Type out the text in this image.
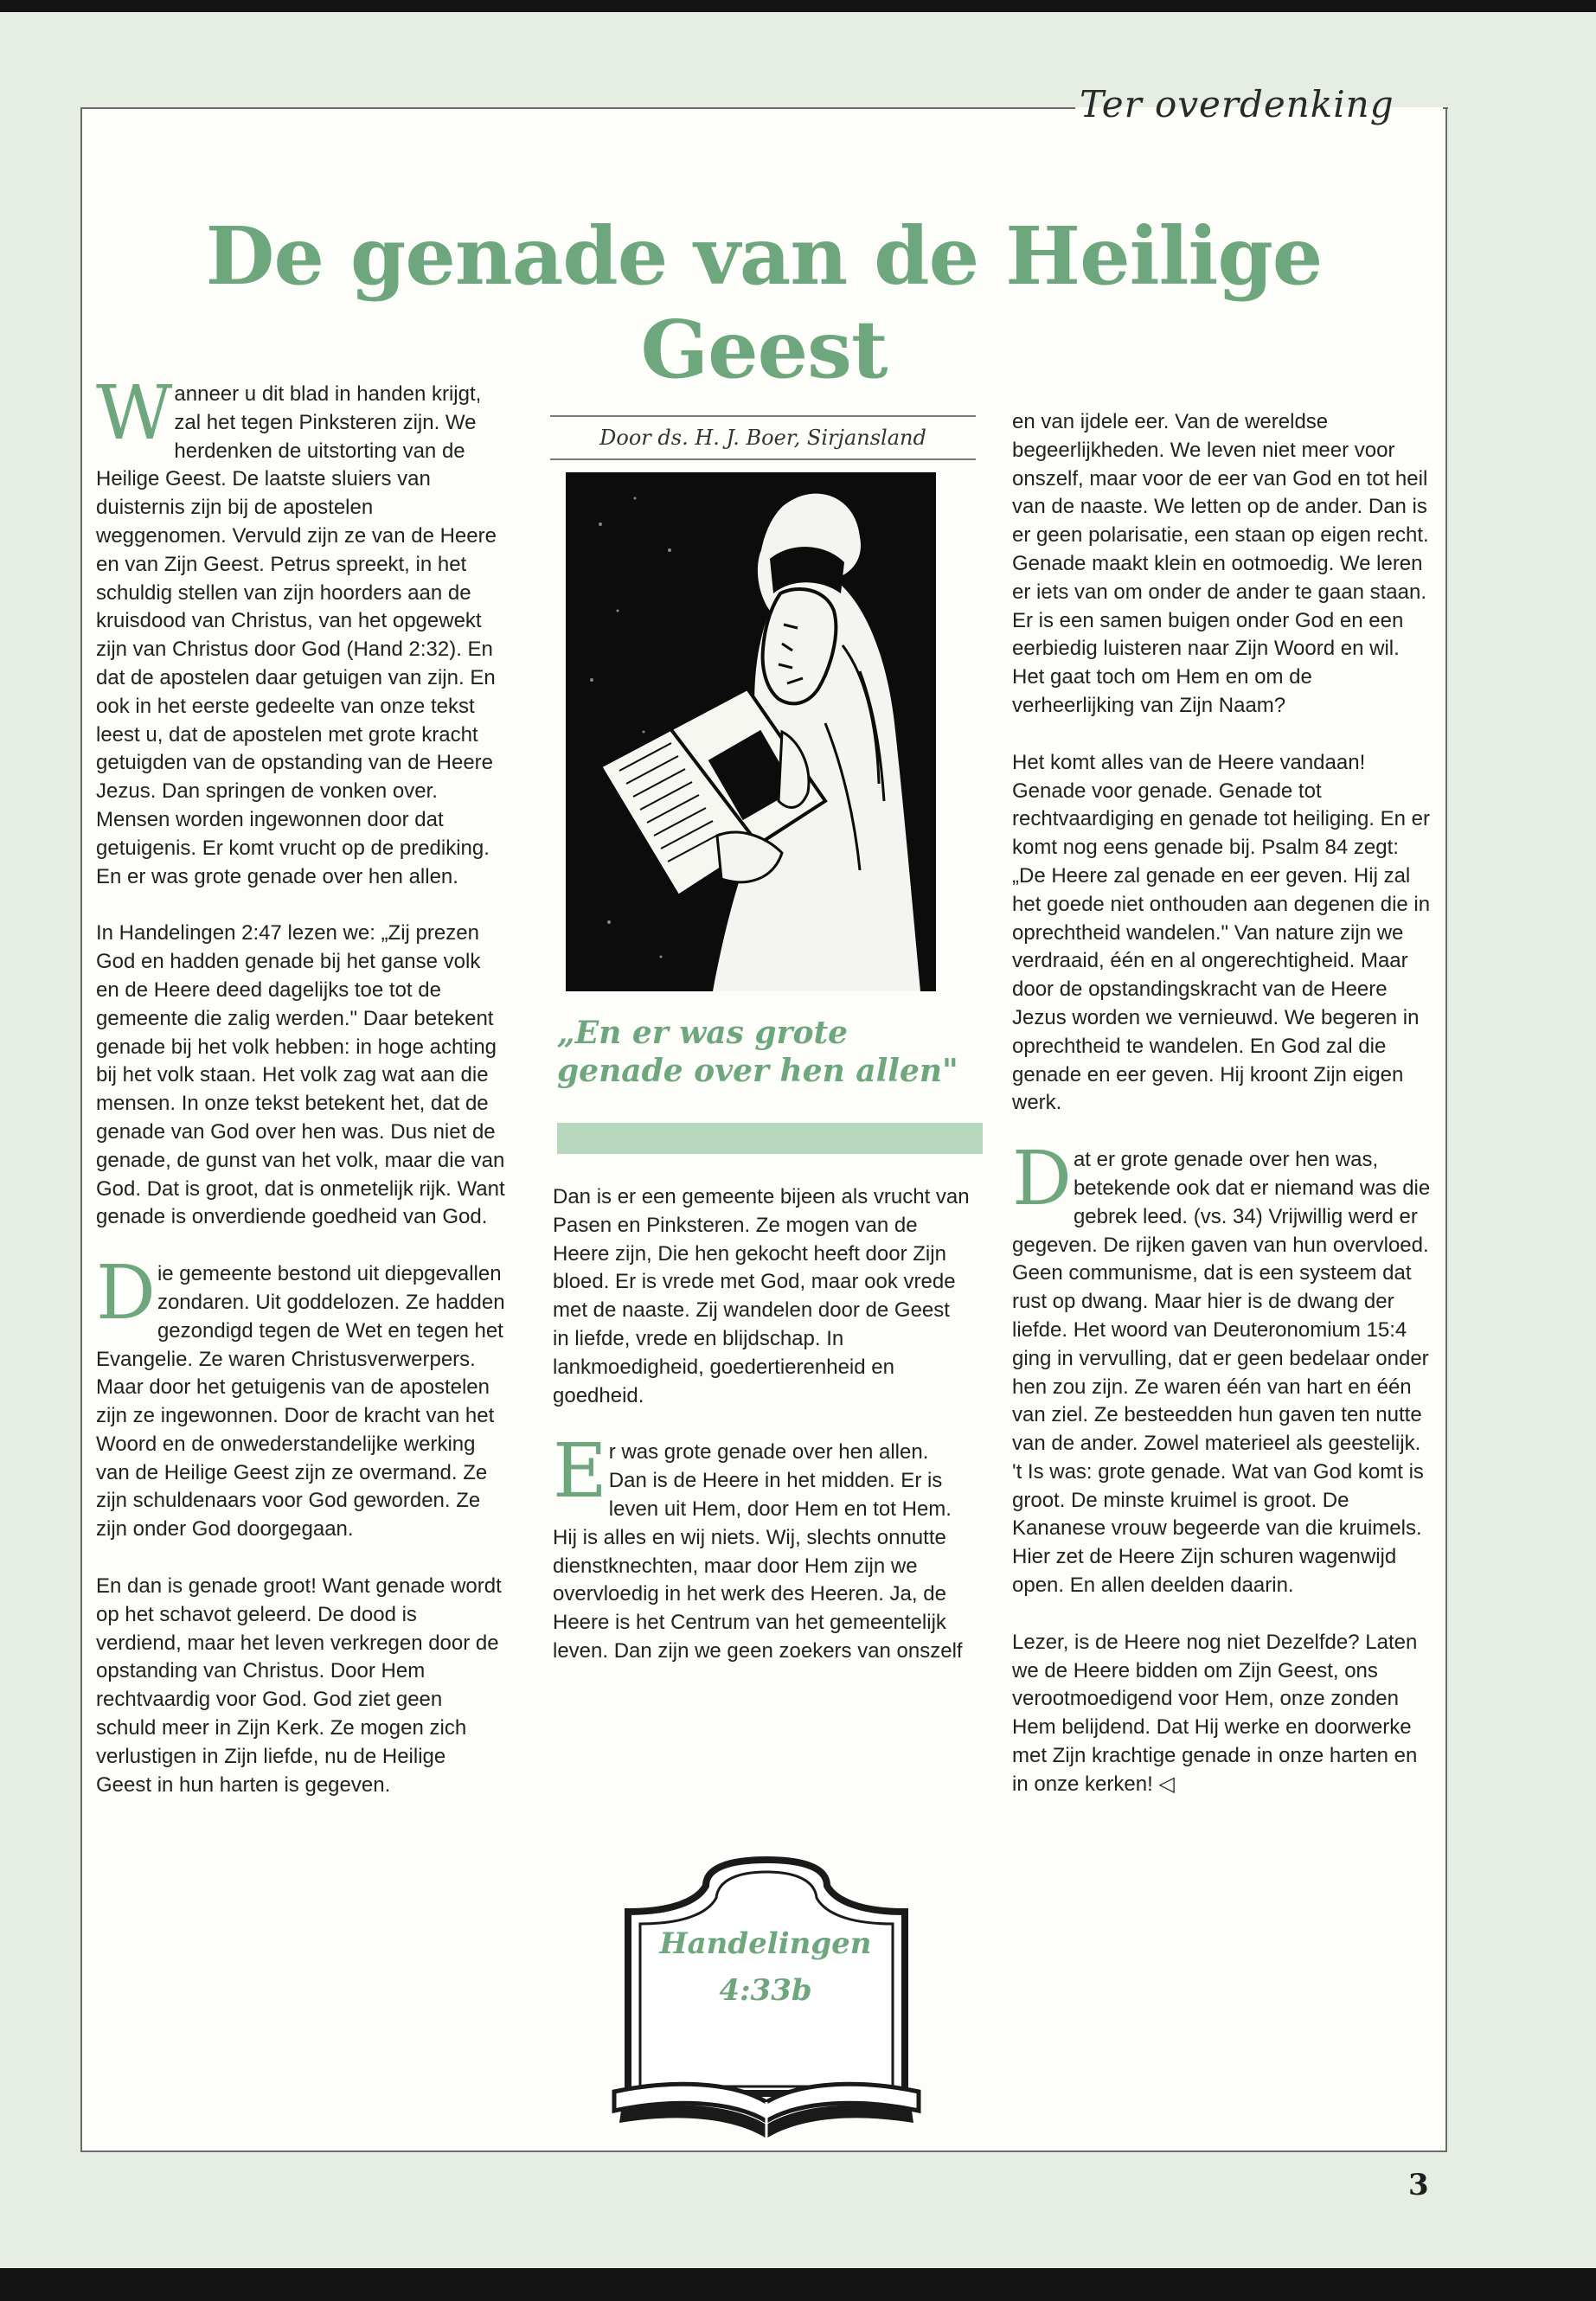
Ter overdenking
De genade van de Heilige Geest

Wanneer u dit blad in handen krijgt, zal het tegen Pinksteren zijn. We herdenken de uitstorting van de Heilige Geest. De laatste sluiers van duisternis zijn bij de apostelen weggenomen. Vervuld zijn ze van de Heere en van Zijn Geest. Petrus spreekt, in het schuldig stellen van zijn hoorders aan de kruisdood van Christus, van het opgewekt zijn van Christus door God (Hand 2:32). En dat de apostelen daar getuigen van zijn. En ook in het eerste gedeelte van onze tekst leest u, dat de apostelen met grote kracht getuigden van de opstanding van de Heere Jezus. Dan springen de vonken over. Mensen worden ingewonnen door dat getuigenis. Er komt vrucht op de prediking. En er was grote genade over hen allen.

In Handelingen 2:47 lezen we: „Zij prezen God en hadden genade bij het ganse volk en de Heere deed dagelijks toe tot de gemeente die zalig werden." Daar betekent genade bij het volk hebben: in hoge achting bij het volk staan. Het volk zag wat aan die mensen. In onze tekst betekent het, dat de genade van God over hen was. Dus niet de genade, de gunst van het volk, maar die van God. Dat is groot, dat is onmetelijk rijk. Want genade is onverdiende goedheid van God.

Die gemeente bestond uit diepgevallen zondaren. Uit goddelozen. Ze hadden gezondigd tegen de Wet en tegen het Evangelie. Ze waren Christusverwerpers. Maar door het getuigenis van de apostelen zijn ze ingewonnen. Door de kracht van het Woord en de onwederstandelijke werking van de Heilige Geest zijn ze overmand. Ze zijn schuldenaars voor God geworden. Ze zijn onder God doorgegaan.

En dan is genade groot! Want genade wordt op het schavot geleerd. De dood is verdiend, maar het leven verkregen door de opstanding van Christus. Door Hem rechtvaardig voor God. God ziet geen schuld meer in Zijn Kerk. Ze mogen zich verlustigen in Zijn liefde, nu de Heilige Geest in hun harten is gegeven.

Door ds. H. J. Boer, Sirjansland
„En er was grote genade over hen allen"

Dan is er een gemeente bijeen als vrucht van Pasen en Pinksteren. Ze mogen van de Heere zijn, Die hen gekocht heeft door Zijn bloed. Er is vrede met God, maar ook vrede met de naaste. Zij wandelen door de Geest in liefde, vrede en blijdschap. In lankmoedigheid, goedertierenheid en goedheid.

Er was grote genade over hen allen. Dan is de Heere in het midden. Er is leven uit Hem, door Hem en tot Hem. Hij is alles en wij niets. Wij, slechts onnutte dienstknechten, maar door Hem zijn we overvloedig in het werk des Heeren. Ja, de Heere is het Centrum van het gemeentelijk leven. Dan zijn we geen zoekers van onszelf

Handelingen
4:33b

en van ijdele eer. Van de wereldse begeerlijkheden. We leven niet meer voor onszelf, maar voor de eer van God en tot heil van de naaste. We letten op de ander. Dan is er geen polarisatie, een staan op eigen recht. Genade maakt klein en ootmoedig. We leren er iets van om onder de ander te gaan staan. Er is een samen buigen onder God en een eerbiedig luisteren naar Zijn Woord en wil. Het gaat toch om Hem en om de verheerlijking van Zijn Naam?

Het komt alles van de Heere vandaan! Genade voor genade. Genade tot rechtvaardiging en genade tot heiliging. En er komt nog eens genade bij. Psalm 84 zegt: „De Heere zal genade en eer geven. Hij zal het goede niet onthouden aan degenen die in oprechtheid wandelen." Van nature zijn we verdraaid, één en al ongerechtigheid. Maar door de opstandingskracht van de Heere Jezus worden we vernieuwd. We begeren in oprechtheid te wandelen. En God zal die genade en eer geven. Hij kroont Zijn eigen werk.

Dat er grote genade over hen was, betekende ook dat er niemand was die gebrek leed. (vs. 34) Vrijwillig werd er gegeven. De rijken gaven van hun overvloed. Geen communisme, dat is een systeem dat rust op dwang. Maar hier is de dwang der liefde. Het woord van Deuteronomium 15:4 ging in vervulling, dat er geen bedelaar onder hen zou zijn. Ze waren één van hart en één van ziel. Ze besteedden hun gaven ten nutte van de ander. Zowel materieel als geestelijk. 't Is was: grote genade. Wat van God komt is groot. De minste kruimel is groot. De Kananese vrouw begeerde van die kruimels. Hier zet de Heere Zijn schuren wagenwijd open. En allen deelden daarin.

Lezer, is de Heere nog niet Dezelfde? Laten we de Heere bidden om Zijn Geest, ons verootmoedigend voor Hem, onze zonden Hem belijdend. Dat Hij werke en doorwerke met Zijn krachtige genade in onze harten en in onze kerken! ◁

3
